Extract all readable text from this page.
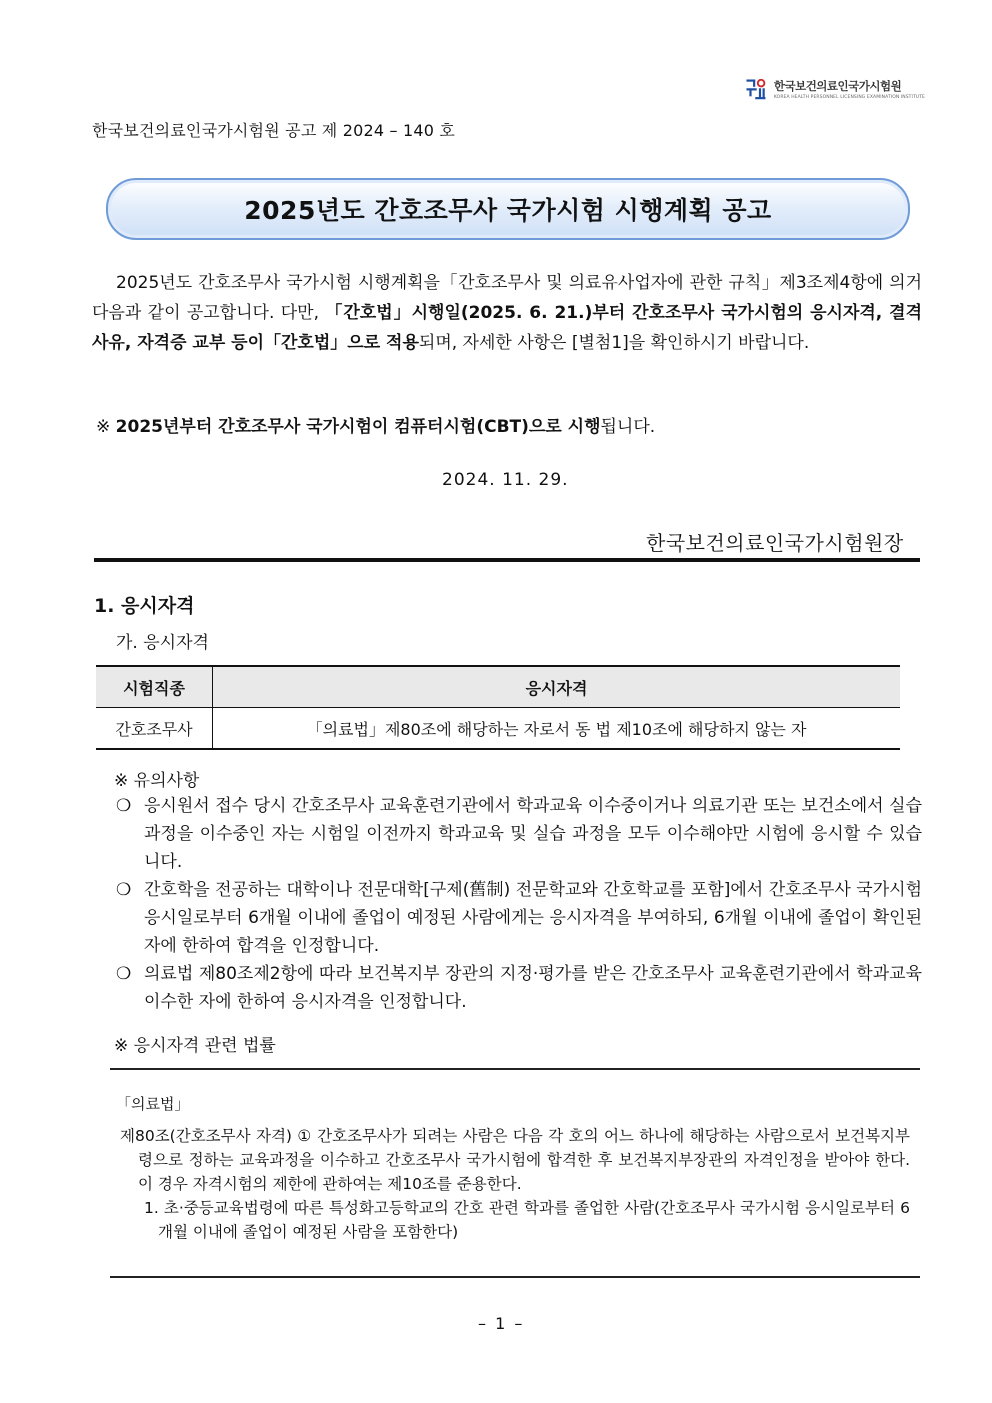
한국보건의료인국가시험원
KOREA HEALTH PERSONNEL LICENSING EXAMINATION INSTITUTE
한국보건의료인국가시험원 공고 제 2024 – 140 호
2025년도 간호조무사 국가시험 시행계획 공고
2025년도 간호조무사 국가시험 시행계획을「간호조무사 및 의료유사업자에 관한 규칙」제3조제4항에 의거 다음과 같이 공고합니다. 다만, 「간호법」시행일(2025. 6. 21.)부터 간호조무사 국가시험의 응시자격, 결격사유, 자격증 교부 등이「간호법」으로 적용되며, 자세한 사항은 [별첨1]을 확인하시기 바랍니다.
※ 2025년부터 간호조무사 국가시험이 컴퓨터시험(CBT)으로 시행됩니다.
2024. 11. 29.
한국보건의료인국가시험원장
1. 응시자격
가. 응시자격
시험직종	응시자격
간호조무사	「의료법」제80조에 해당하는 자로서 동 법 제10조에 해당하지 않는 자
※ 유의사항
❍ 응시원서 접수 당시 간호조무사 교육훈련기관에서 학과교육 이수중이거나 의료기관 또는 보건소에서 실습과정을 이수중인 자는 시험일 이전까지 학과교육 및 실습 과정을 모두 이수해야만 시험에 응시할 수 있습니다.
❍ 간호학을 전공하는 대학이나 전문대학[구제(舊制) 전문학교와 간호학교를 포함]에서 간호조무사 국가시험 응시일로부터 6개월 이내에 졸업이 예정된 사람에게는 응시자격을 부여하되, 6개월 이내에 졸업이 확인된 자에 한하여 합격을 인정합니다.
❍ 의료법 제80조제2항에 따라 보건복지부 장관의 지정·평가를 받은 간호조무사 교육훈련기관에서 학과교육 이수한 자에 한하여 응시자격을 인정합니다.
※ 응시자격 관련 법률
「의료법」
제80조(간호조무사 자격) ① 간호조무사가 되려는 사람은 다음 각 호의 어느 하나에 해당하는 사람으로서 보건복지부령으로 정하는 교육과정을 이수하고 간호조무사 국가시험에 합격한 후 보건복지부장관의 자격인정을 받아야 한다. 이 경우 자격시험의 제한에 관하여는 제10조를 준용한다.
1. 초·중등교육법령에 따른 특성화고등학교의 간호 관련 학과를 졸업한 사람(간호조무사 국가시험 응시일로부터 6개월 이내에 졸업이 예정된 사람을 포함한다)
– 1 –
